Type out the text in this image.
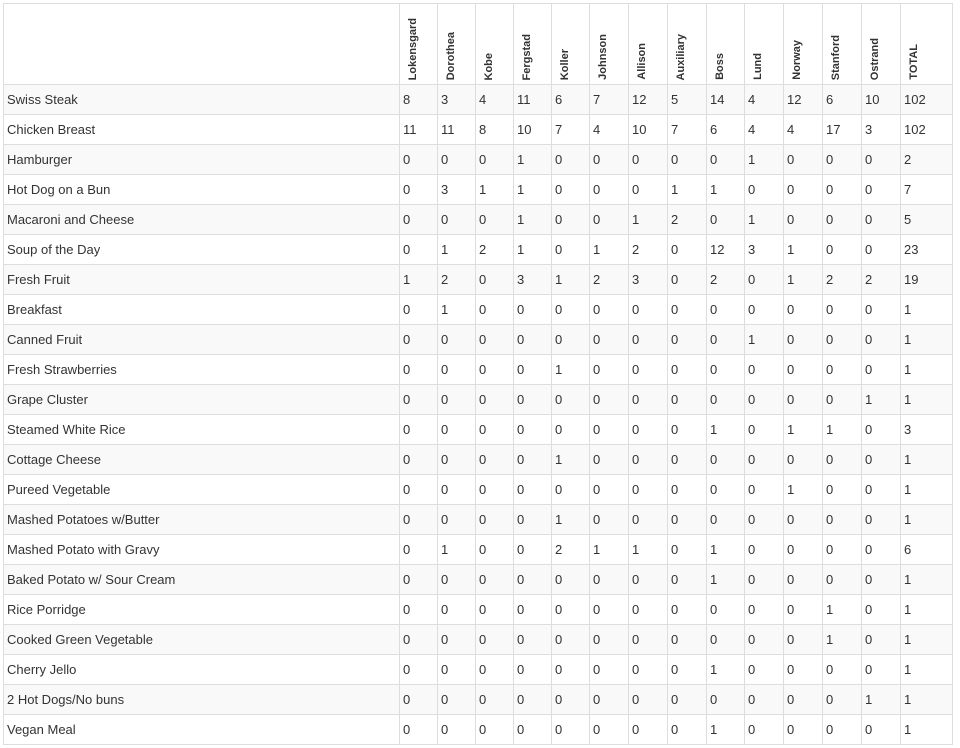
	Lokensgard	Dorothea	Kobe	Fergstad	Koller	Johnson	Allison	Auxiliary	Boss	Lund	Norway	Stanford	Ostrand	TOTAL

Swiss Steak	8	3	4	11	6	7	12	5	14	4	12	6	10	102
Chicken Breast	11	11	8	10	7	4	10	7	6	4	4	17	3	102
Hamburger	0	0	0	1	0	0	0	0	0	1	0	0	0	2
Hot Dog on a Bun	0	3	1	1	0	0	0	1	1	0	0	0	0	7
Macaroni and Cheese	0	0	0	1	0	0	1	2	0	1	0	0	0	5
Soup of the Day	0	1	2	1	0	1	2	0	12	3	1	0	0	23
Fresh Fruit	1	2	0	3	1	2	3	0	2	0	1	2	2	19
Breakfast	0	1	0	0	0	0	0	0	0	0	0	0	0	1
Canned Fruit	0	0	0	0	0	0	0	0	0	1	0	0	0	1
Fresh Strawberries	0	0	0	0	1	0	0	0	0	0	0	0	0	1
Grape Cluster	0	0	0	0	0	0	0	0	0	0	0	0	1	1
Steamed White Rice	0	0	0	0	0	0	0	0	1	0	1	1	0	3
Cottage Cheese	0	0	0	0	1	0	0	0	0	0	0	0	0	1
Pureed Vegetable	0	0	0	0	0	0	0	0	0	0	1	0	0	1
Mashed Potatoes w/Butter	0	0	0	0	1	0	0	0	0	0	0	0	0	1
Mashed Potato with Gravy	0	1	0	0	2	1	1	0	1	0	0	0	0	6
Baked Potato w/ Sour Cream	0	0	0	0	0	0	0	0	1	0	0	0	0	1
Rice Porridge	0	0	0	0	0	0	0	0	0	0	0	1	0	1
Cooked Green Vegetable	0	0	0	0	0	0	0	0	0	0	0	1	0	1
Cherry Jello	0	0	0	0	0	0	0	0	1	0	0	0	0	1
2 Hot Dogs/No buns	0	0	0	0	0	0	0	0	0	0	0	0	1	1
Vegan Meal	0	0	0	0	0	0	0	0	1	0	0	0	0	1
